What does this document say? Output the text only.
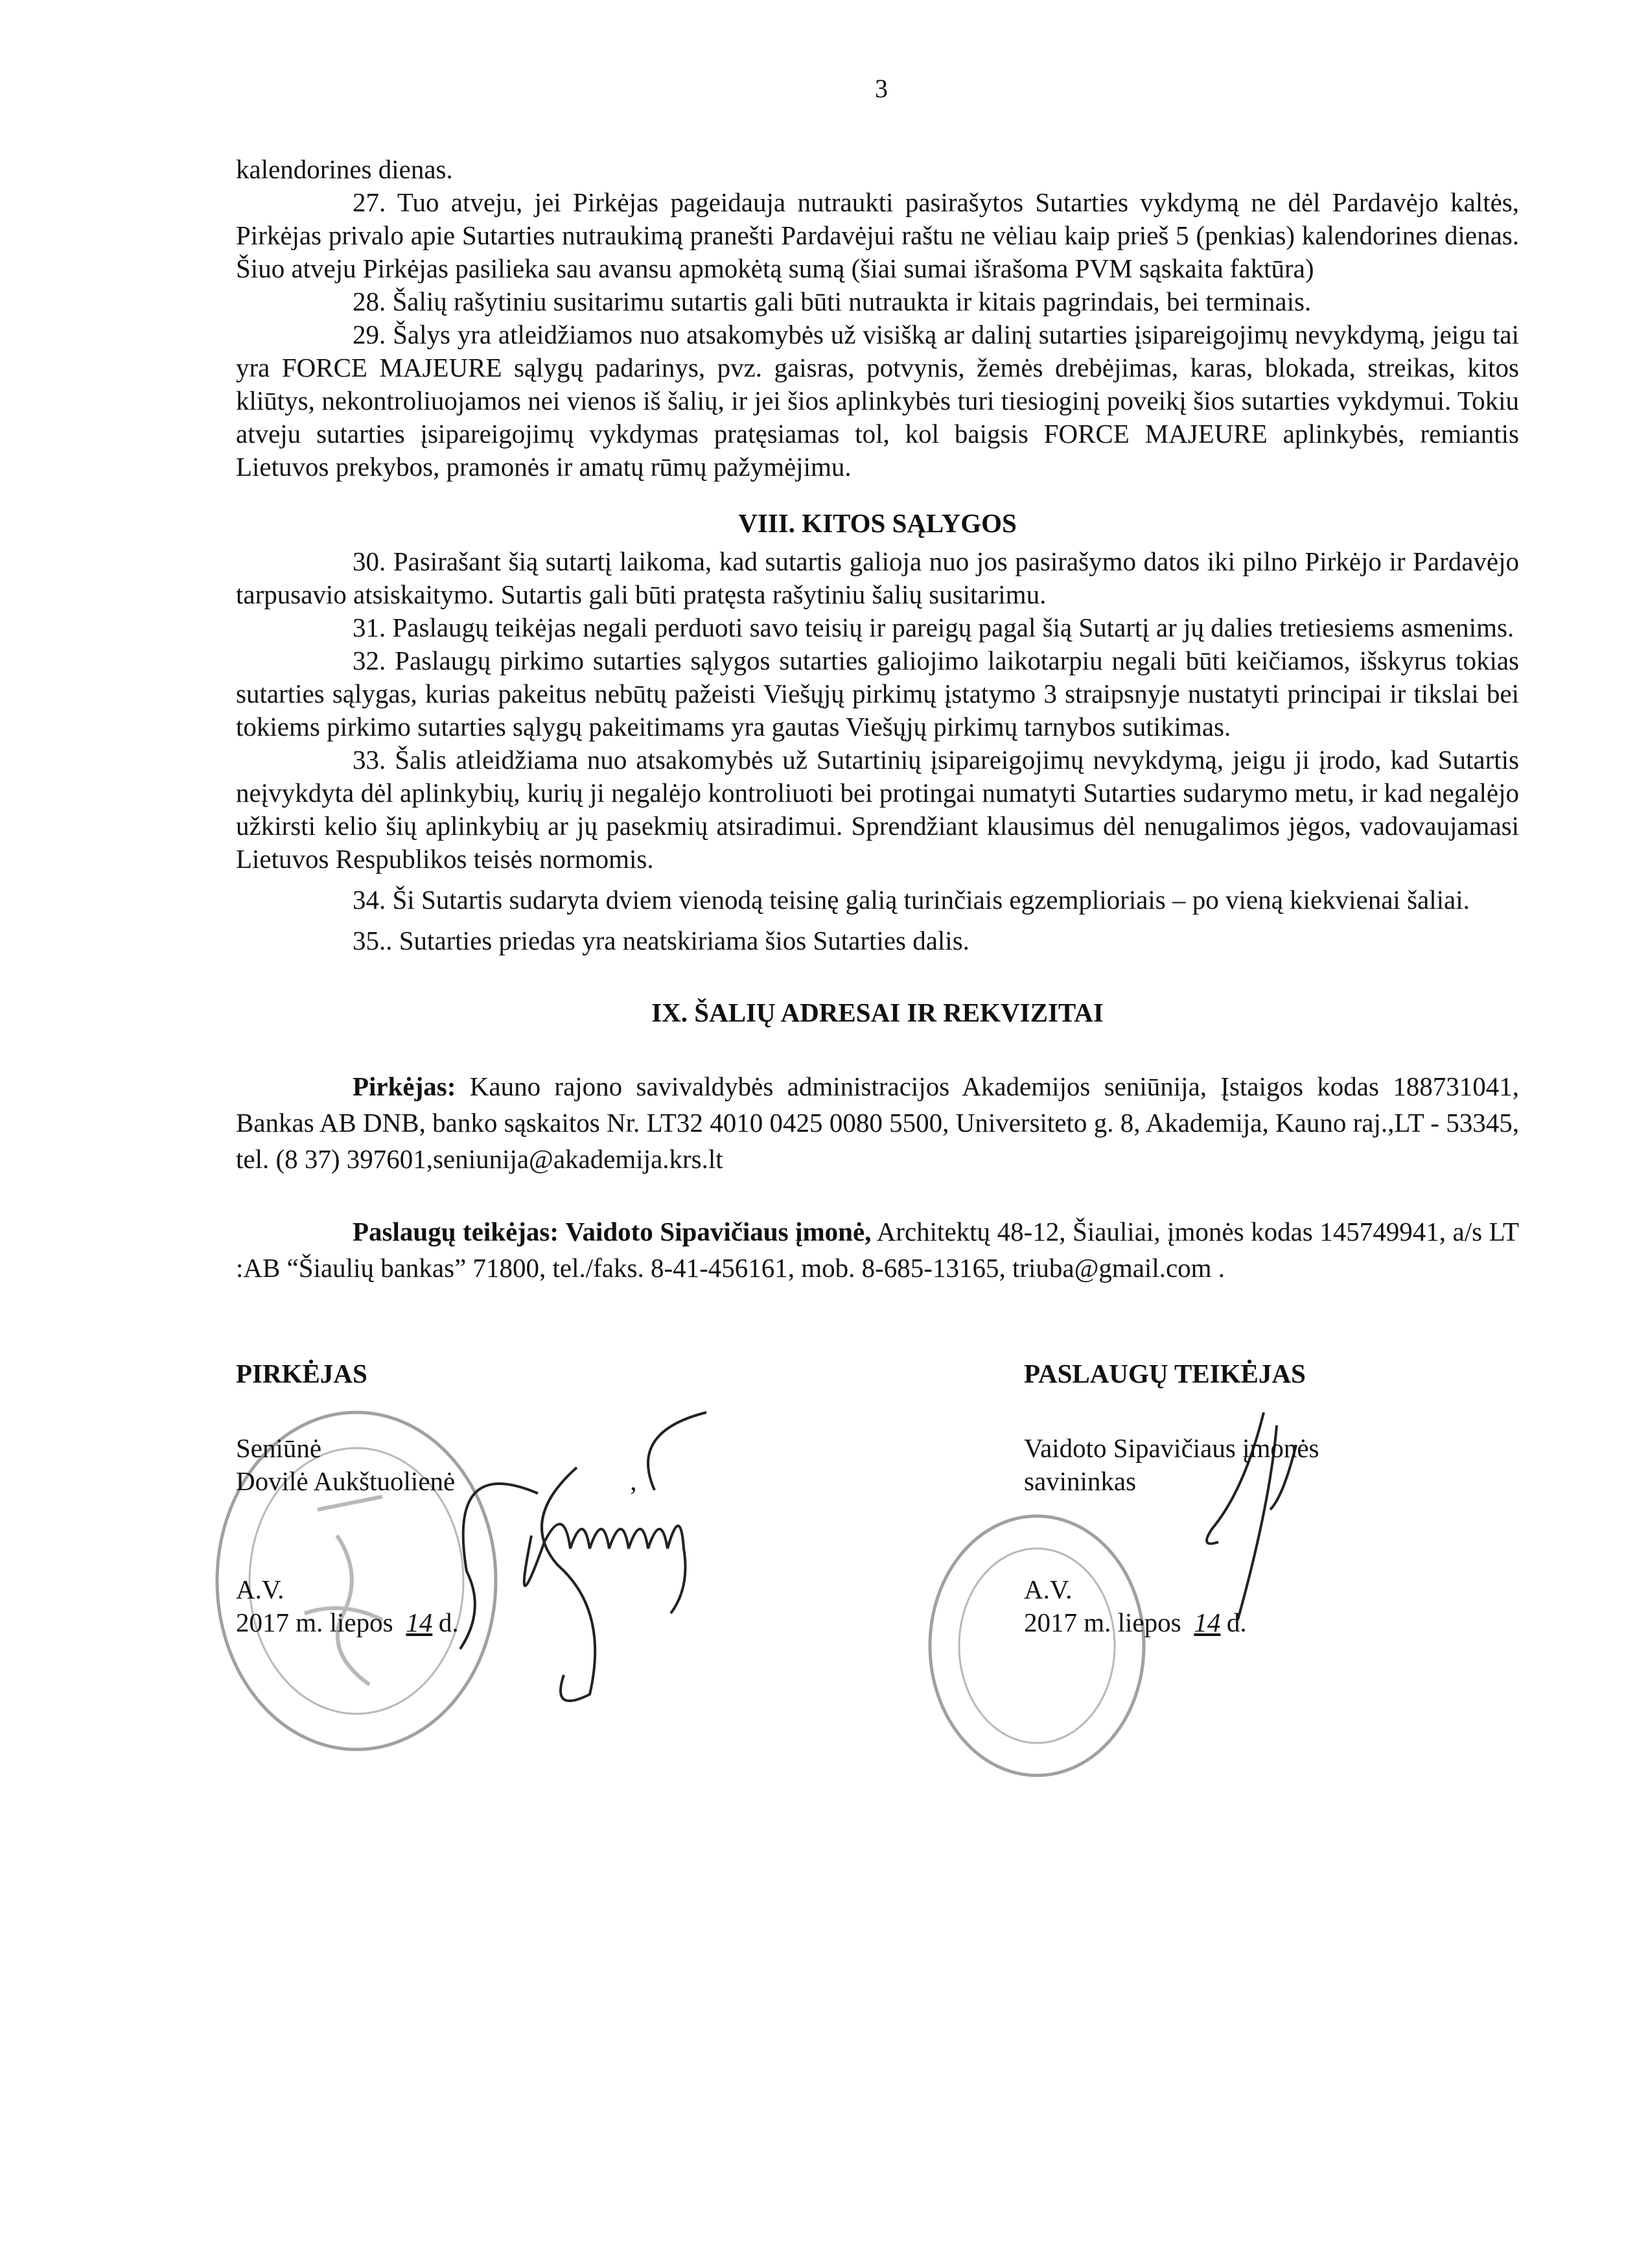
3

kalendorines dienas.

27. Tuo atveju, jei Pirkėjas pageidauja nutraukti pasirašytos Sutarties vykdymą ne dėl Pardavėjo kaltės, Pirkėjas privalo apie Sutarties nutraukimą pranešti Pardavėjui raštu ne vėliau kaip prieš 5 (penkias) kalendorines dienas. Šiuo atveju Pirkėjas pasilieka sau avansu apmokėtą sumą (šiai sumai išrašoma PVM sąskaita faktūra)

28. Šalių rašytiniu susitarimu sutartis gali būti nutraukta ir kitais pagrindais, bei terminais.

29. Šalys yra atleidžiamos nuo atsakomybės už visišką ar dalinį sutarties įsipareigojimų nevykdymą, jeigu tai yra FORCE MAJEURE sąlygų padarinys, pvz. gaisras, potvynis, žemės drebėjimas, karas, blokada, streikas, kitos kliūtys, nekontroliuojamos nei vienos iš šalių, ir jei šios aplinkybės turi tiesioginį poveikį šios sutarties vykdymui. Tokiu atveju sutarties įsipareigojimų vykdymas pratęsiamas tol, kol baigsis FORCE MAJEURE aplinkybės, remiantis Lietuvos prekybos, pramonės ir amatų rūmų pažymėjimu.

VIII. KITOS SĄLYGOS

30. Pasirašant šią sutartį laikoma, kad sutartis galioja nuo jos pasirašymo datos iki pilno Pirkėjo ir Pardavėjo tarpusavio atsiskaitymo. Sutartis gali būti pratęsta rašytiniu šalių susitarimu.

31. Paslaugų teikėjas negali perduoti savo teisių ir pareigų pagal šią Sutartį ar jų dalies tretiesiems asmenims.

32. Paslaugų pirkimo sutarties sąlygos sutarties galiojimo laikotarpiu negali būti keičiamos, išskyrus tokias sutarties sąlygas, kurias pakeitus nebūtų pažeisti Viešųjų pirkimų įstatymo 3 straipsnyje nustatyti principai ir tikslai bei tokiems pirkimo sutarties sąlygų pakeitimams yra gautas Viešųjų pirkimų tarnybos sutikimas.

33. Šalis atleidžiama nuo atsakomybės už Sutartinių įsipareigojimų nevykdymą, jeigu ji įrodo, kad Sutartis neįvykdyta dėl aplinkybių, kurių ji negalėjo kontroliuoti bei protingai numatyti Sutarties sudarymo metu, ir kad negalėjo užkirsti kelio šių aplinkybių ar jų pasekmių atsiradimui. Sprendžiant klausimus dėl nenugalimos jėgos, vadovaujamasi Lietuvos Respublikos teisės normomis.

34. Ši Sutartis sudaryta dviem vienodą teisinę galią turinčiais egzemplioriais – po vieną kiekvienai šaliai.

35.. Sutarties priedas yra neatskiriama šios Sutarties dalis.

IX. ŠALIŲ ADRESAI IR REKVIZITAI

Pirkėjas: Kauno rajono savivaldybės administracijos Akademijos seniūnija, Įstaigos kodas 188731041, Bankas AB DNB, banko sąskaitos Nr. LT32 4010 0425 0080 5500, Universiteto g. 8, Akademija, Kauno raj.,LT - 53345, tel. (8 37) 397601,seniunija@akademija.krs.lt

Paslaugų teikėjas: Vaidoto Sipavičiaus įmonė, Architektų 48-12, Šiauliai, įmonės kodas 145749941, a/s LT :AB “Šiaulių bankas” 71800, tel./faks. 8-41-456161, mob. 8-685-13165, triuba@gmail.com .

PIRKĖJAS
Seniūnė
Dovilė Aukštuolienė	,
A.V.
2017 m. liepos 14 d.
PASLAUGŲ TEIKĖJAS
Vaidoto Sipavičiaus įmonės
savininkas
A.V.
2017 m. liepos 14 d.
